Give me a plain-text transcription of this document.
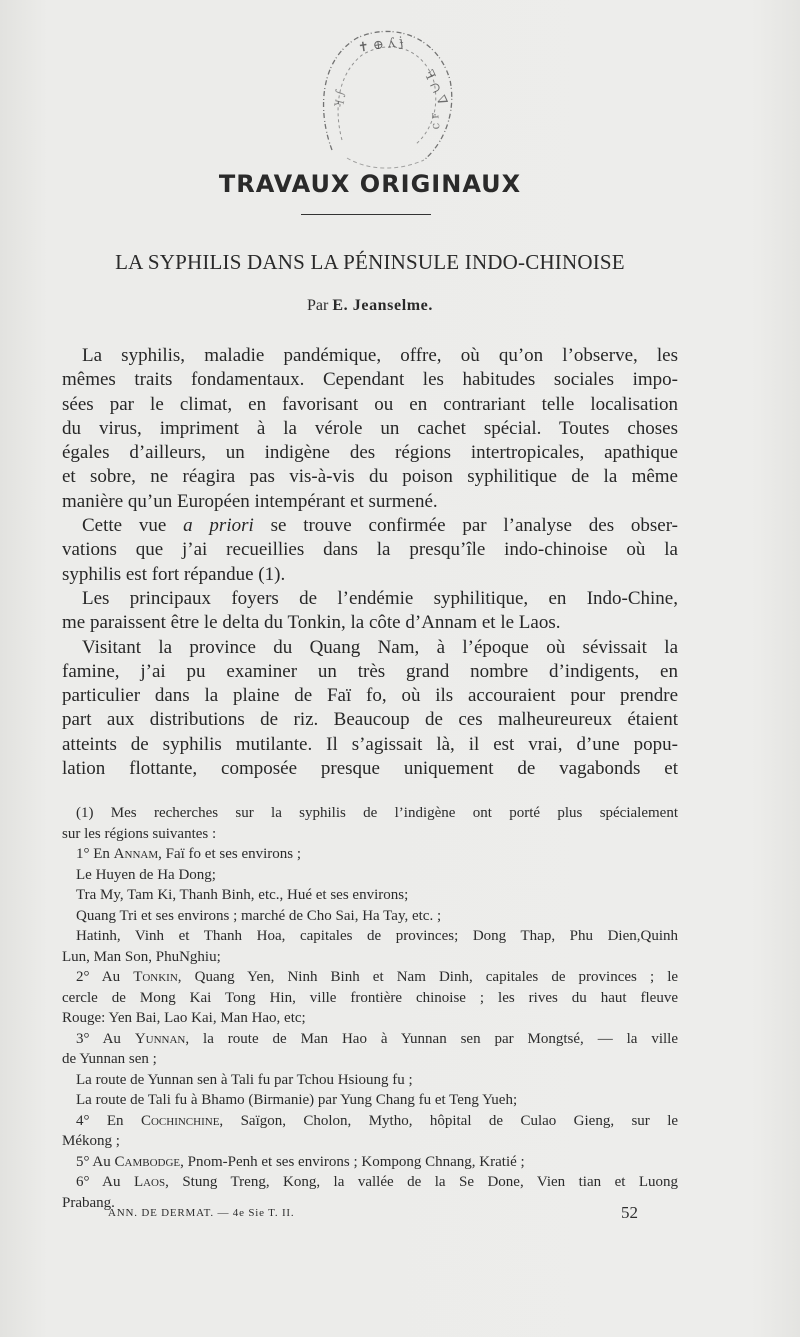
✝ ⊕ ʎ ɉ
ꟻ ∩ ∇
ⅎ ɔ
ʞ ∫
TRAVAUX ORIGINAUX
LA SYPHILIS DANS LA PÉNINSULE INDO-CHINOISE
Par E. Jeanselme.
La syphilis, maladie pandémique, offre, où qu’on l’observe, les
mêmes traits fondamentaux. Cependant les habitudes sociales impo-
sées par le climat, en favorisant ou en contrariant telle localisation
du virus, impriment à la vérole un cachet spécial. Toutes choses
égales d’ailleurs, un indigène des régions intertropicales, apathique
et sobre, ne réagira pas vis-à-vis du poison syphilitique de la même
manière qu’un Européen intempérant et surmené.
Cette vue a priori se trouve confirmée par l’analyse des obser-
vations que j’ai recueillies dans la presqu’île indo-chinoise où la
syphilis est fort répandue (1).
Les principaux foyers de l’endémie syphilitique, en Indo-Chine,
me paraissent être le delta du Tonkin, la côte d’Annam et le Laos.
Visitant la province du Quang Nam, à l’époque où sévissait la
famine, j’ai pu examiner un très grand nombre d’indigents, en
particulier dans la plaine de Faï fo, où ils accouraient pour prendre
part aux distributions de riz. Beaucoup de ces malheureureux étaient
atteints de syphilis mutilante. Il s’agissait là, il est vrai, d’une popu-
lation flottante, composée presque uniquement de vagabonds et
(1) Mes recherches sur la syphilis de l’indigène ont porté plus spécialement
sur les régions suivantes :
1° En Annam, Faï fo et ses environs ;
Le Huyen de Ha Dong;
Tra My, Tam Ki, Thanh Binh, etc., Hué et ses environs;
Quang Tri et ses environs ; marché de Cho Sai, Ha Tay, etc. ;
Hatinh, Vinh et Thanh Hoa, capitales de provinces; Dong Thap, Phu Dien,Quinh
Lun, Man Son, PhuNghiu;
2° Au Tonkin, Quang Yen, Ninh Binh et Nam Dinh, capitales de provinces ; le
cercle de Mong Kai Tong Hin, ville frontière chinoise ; les rives du haut fleuve
Rouge: Yen Bai, Lao Kai, Man Hao, etc;
3° Au Yunnan, la route de Man Hao à Yunnan sen par Mongtsé, — la ville
de Yunnan sen ;
La route de Yunnan sen à Tali fu par Tchou Hsioung fu ;
La route de Tali fu à Bhamo (Birmanie) par Yung Chang fu et Teng Yueh;
4° En Cochinchine, Saïgon, Cholon, Mytho, hôpital de Culao Gieng, sur le
Mékong ;
5° Au Cambodge, Pnom-Penh et ses environs ; Kompong Chnang, Kratié ;
6° Au Laos, Stung Treng, Kong, la vallée de la Se Done, Vien tian et Luong
Prabang.
ANN. DE DERMAT. — 4e Sie T. II.	52
